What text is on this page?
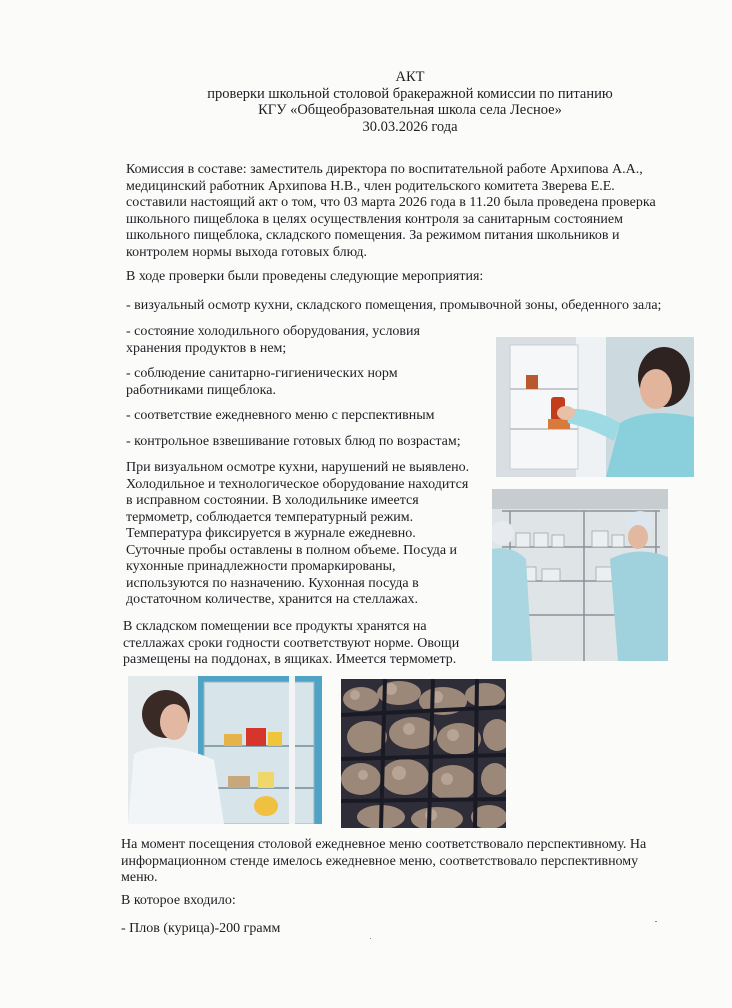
АКТ
проверки школьной столовой бракеражной комиссии по питанию
КГУ «Общеобразовательная школа села Лесное»
30.03.2026 года
Комиссия в составе: заместитель директора по воспитательной работе Архипова А.А.,
медицинский работник Архипова Н.В., член родительского комитета Зверева Е.Е.
составили настоящий акт о том, что 03 марта 2026 года в 11.20 была проведена проверка
школьного пищеблока в целях осуществления контроля за санитарным состоянием
школьного пищеблока, складского помещения. За режимом питания школьников и
контролем нормы выхода готовых блюд.
В ходе проверки были проведены следующие мероприятия:
- визуальный осмотр кухни, складского помещения, промывочной зоны, обеденного зала;
- состояние холодильного оборудования, условия
хранения продуктов в нем;
- соблюдение санитарно-гигиенических норм
работниками пищеблока.
- соответствие ежедневного меню с перспективным
- контрольное взвешивание готовых блюд по возрастам;
При визуальном осмотре кухни, нарушений не выявлено.
Холодильное и технологическое оборудование находится
в исправном состоянии. В холодильнике имеется
термометр, соблюдается температурный режим.
Температура фиксируется в журнале ежедневно.
Суточные пробы оставлены в полном объеме. Посуда и
кухонные принадлежности промаркированы,
используются по назначению. Кухонная посуда в
достаточном количестве, хранится на стеллажах.
В складском помещении все продукты хранятся на
стеллажах сроки годности соответствуют норме. Овощи
размещены на поддонах, в ящиках. Имеется термометр.
На момент посещения столовой ежедневное меню соответствовало перспективному. На
информационном стенде имелось ежедневное меню, соответствовало перспективному
меню.
В которое входило:
- Плов (курица)-200 грамм
